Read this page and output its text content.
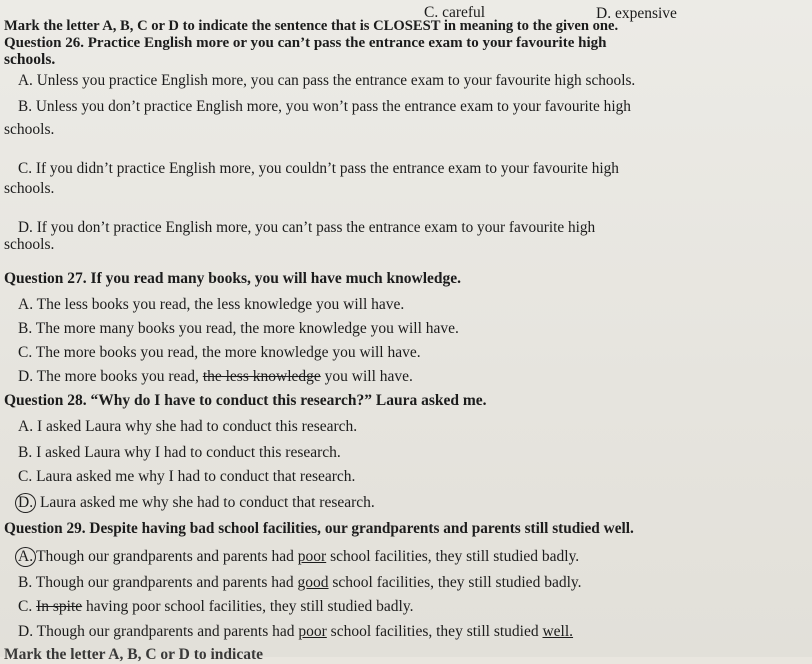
C. careful	D. expensive
Mark the letter A, B, C or D to indicate the sentence that is CLOSEST in meaning to the given one.
Question 26. Practice English more or you can’t pass the entrance exam to your favourite high
schools.
A. Unless you practice English more, you can pass the entrance exam to your favourite high schools.
B. Unless you don’t practice English more, you won’t pass the entrance exam to your favourite high
schools.
C. If you didn’t practice English more, you couldn’t pass the entrance exam to your favourite high
schools.
D. If you don’t practice English more, you can’t pass the entrance exam to your favourite high
schools.
Question 27. If you read many books, you will have much knowledge.
A. The less books you read, the less knowledge you will have.
B. The more many books you read, the more knowledge you will have.
C. The more books you read, the more knowledge you will have.
D. The more books you read, the less knowledge you will have.
Question 28. “Why do I have to conduct this research?” Laura asked me.
A. I asked Laura why she had to conduct this research.
B. I asked Laura why I had to conduct this research.
C. Laura asked me why I had to conduct that research.
D. Laura asked me why she had to conduct that research.
Question 29. Despite having bad school facilities, our grandparents and parents still studied well.
A. Though our grandparents and parents had poor school facilities, they still studied badly.
B. Though our grandparents and parents had good school facilities, they still studied badly.
C. In spite having poor school facilities, they still studied badly.
D. Though our grandparents and parents had poor school facilities, they still studied well.
Mark the letter A, B, C or D to indicate
